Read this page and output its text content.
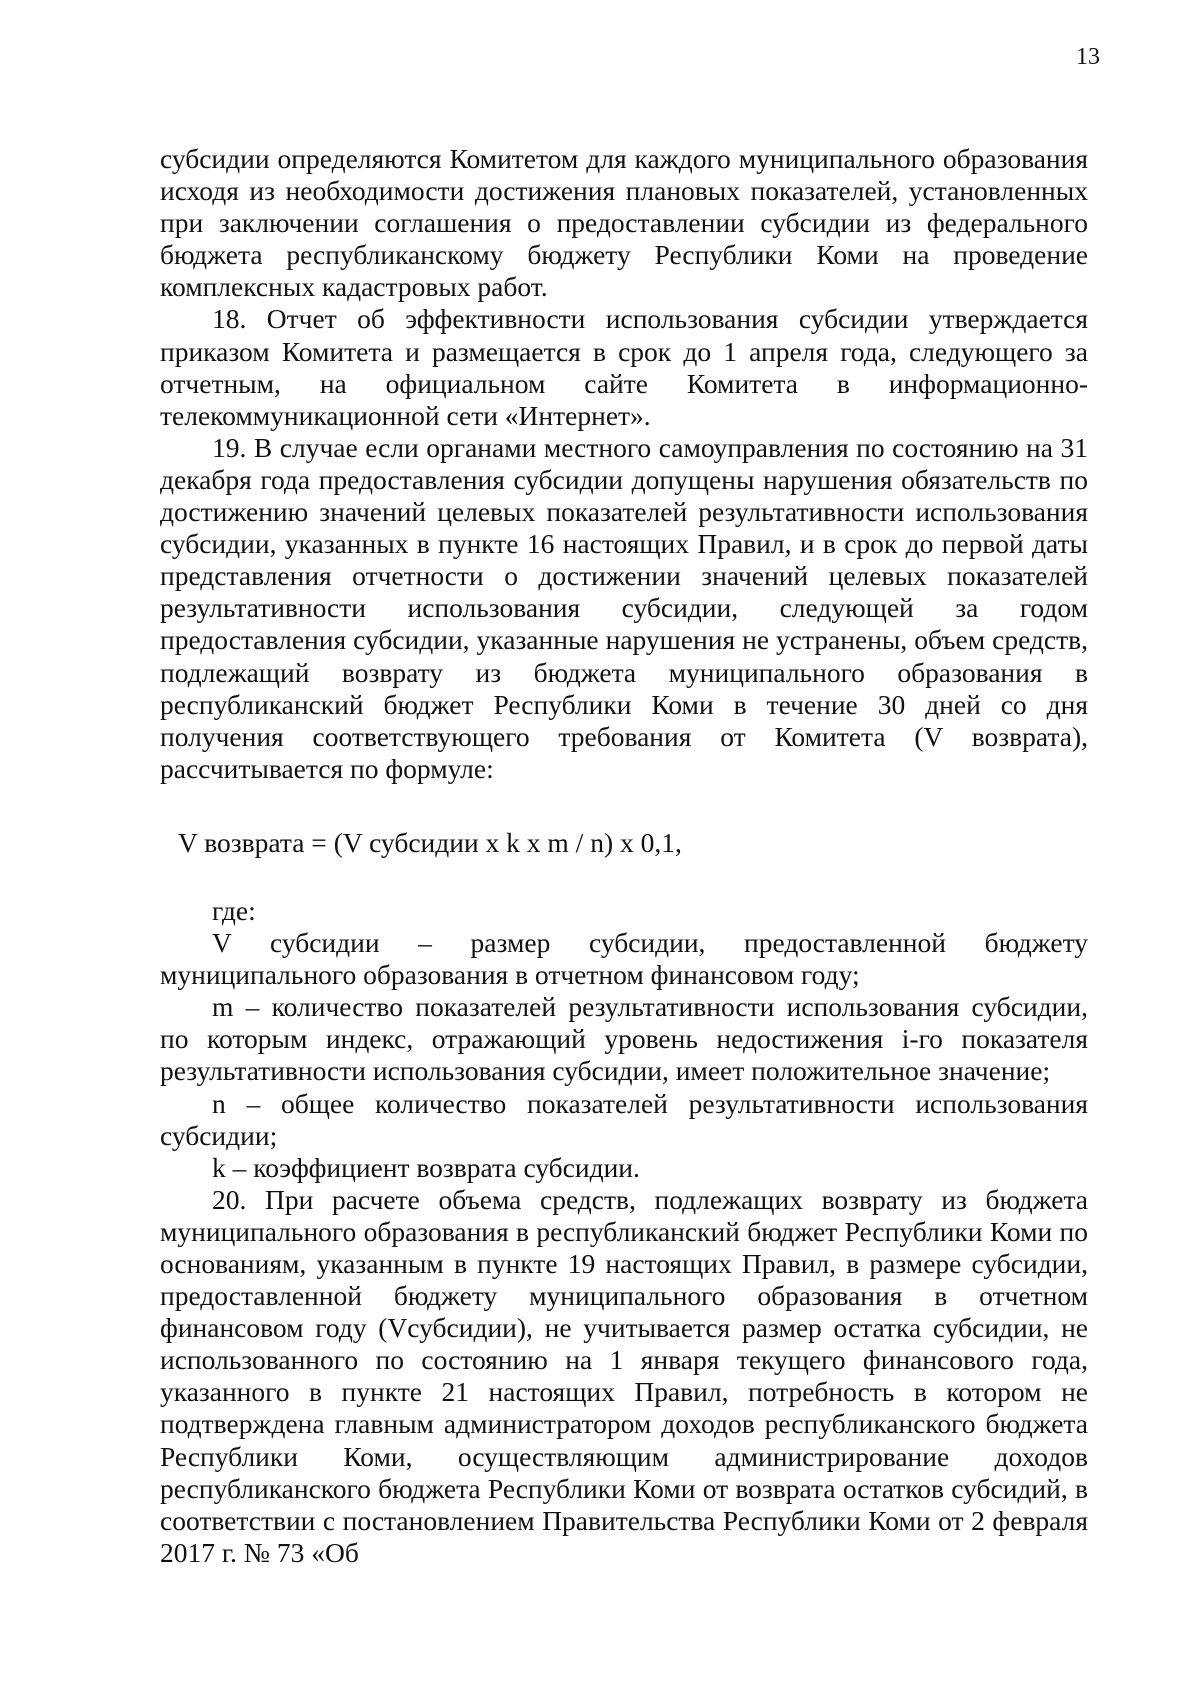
13

субсидии определяются Комитетом для каждого муниципального образования исходя из необходимости достижения плановых показателей, установленных при заключении соглашения о предоставлении субсидии из федерального бюджета республиканскому бюджету Республики Коми на проведение комплексных кадастровых работ.

18. Отчет об эффективности использования субсидии утверждается приказом Комитета и размещается в срок до 1 апреля года, следующего за отчетным, на официальном сайте Комитета в информационно-телекоммуникационной сети «Интернет».

19. В случае если органами местного самоуправления по состоянию на 31 декабря года предоставления субсидии допущены нарушения обязательств по достижению значений целевых показателей результативности использования субсидии, указанных в пункте 16 настоящих Правил, и в срок до первой даты представления отчетности о достижении значений целевых показателей результативности использования субсидии, следующей за годом предоставления субсидии, указанные нарушения не устранены, объем средств, подлежащий возврату из бюджета муниципального образования в республиканский бюджет Республики Коми в течение 30 дней со дня получения соответствующего требования от Комитета (V возврата), рассчитывается по формуле:

V возврата = (V субсидии x k x m / n) x 0,1,

где:

V субсидии – размер субсидии, предоставленной бюджету муниципального образования в отчетном финансовом году;

m – количество показателей результативности использования субсидии, по которым индекс, отражающий уровень недостижения i-го показателя результативности использования субсидии, имеет положительное значение;

n – общее количество показателей результативности использования субсидии;

k – коэффициент возврата субсидии.

20. При расчете объема средств, подлежащих возврату из бюджета муниципального образования в республиканский бюджет Республики Коми по основаниям, указанным в пункте 19 настоящих Правил, в размере субсидии, предоставленной бюджету муниципального образования в отчетном финансовом году (Vсубсидии), не учитывается размер остатка субсидии, не использованного по состоянию на 1 января текущего финансового года, указанного в пункте 21 настоящих Правил, потребность в котором не подтверждена главным администратором доходов республиканского бюджета Республики Коми, осуществляющим администрирование доходов республиканского бюджета Республики Коми от возврата остатков субсидий, в соответствии с постановлением Правительства Республики Коми от 2 февраля 2017 г. № 73 «Об
